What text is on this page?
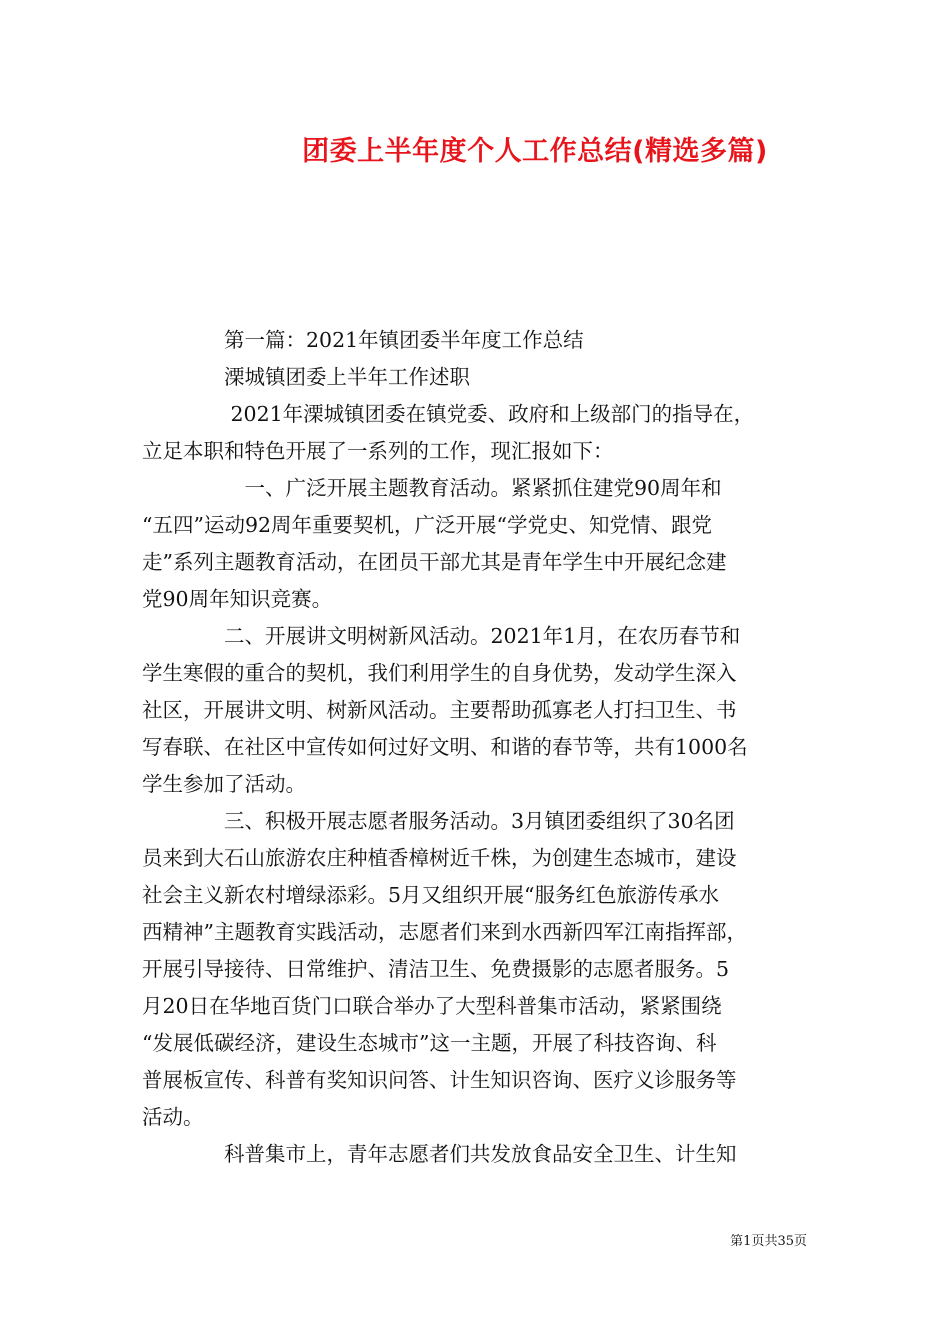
团委上半年度个人工作总结(精选多篇)
　　　　第一篇：2021年镇团委半年度工作总结
　　　　溧城镇团委上半年工作述职
　　　　 2021年溧城镇团委在镇党委、政府和上级部门的指导在，
立足本职和特色开展了一系列的工作，现汇报如下：
　　　　　一、广泛开展主题教育活动。紧紧抓住建党90周年和
“五四”运动92周年重要契机，广泛开展“学党史、知党情、跟党
走”系列主题教育活动，在团员干部尤其是青年学生中开展纪念建
党90周年知识竞赛。
　　　　二、开展讲文明树新风活动。2021年1月，在农历春节和
学生寒假的重合的契机，我们利用学生的自身优势，发动学生深入
社区，开展讲文明、树新风活动。主要帮助孤寡老人打扫卫生、书
写春联、在社区中宣传如何过好文明、和谐的春节等，共有1000名
学生参加了活动。
　　　　三、积极开展志愿者服务活动。3月镇团委组织了30名团
员来到大石山旅游农庄种植香樟树近千株，为创建生态城市，建设
社会主义新农村增绿添彩。5月又组织开展“服务红色旅游传承水
西精神”主题教育实践活动，志愿者们来到水西新四军江南指挥部，
开展引导接待、日常维护、清洁卫生、免费摄影的志愿者服务。5
月20日在华地百货门口联合举办了大型科普集市活动，紧紧围绕
“发展低碳经济，建设生态城市”这一主题，开展了科技咨询、科
普展板宣传、科普有奖知识问答、计生知识咨询、医疗义诊服务等
活动。
　　　　科普集市上，青年志愿者们共发放食品安全卫生、计生知
第1页共35页
